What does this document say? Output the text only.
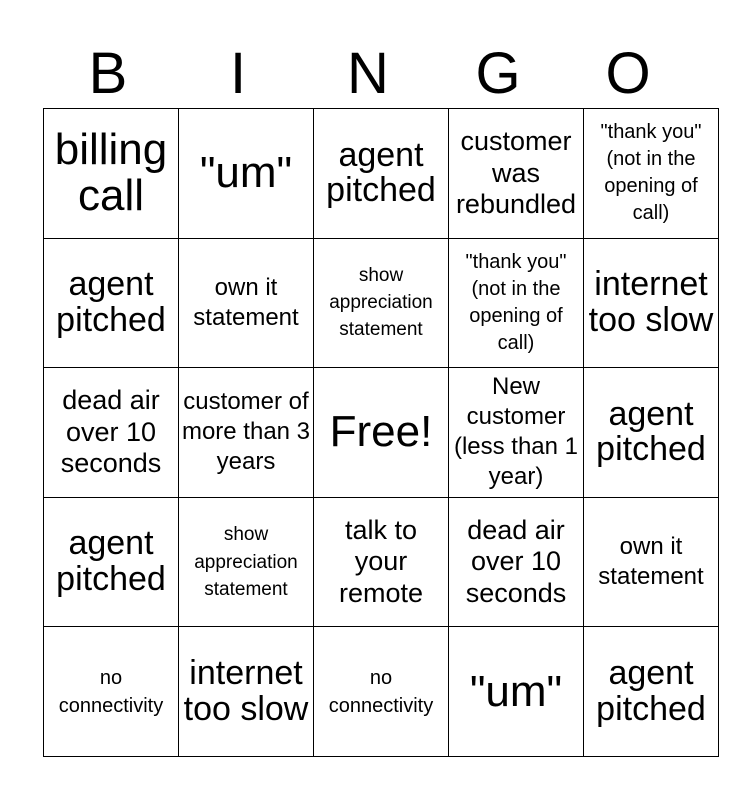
B	I	N	G	O
billing call	"um"	agent pitched	customer was rebundled	"thank you" (not in the opening of call)
agent pitched	own it statement	show appreciation statement	"thank you" (not in the opening of call)	internet too slow
dead air over 10 seconds	customer of more than 3 years	Free!	New customer (less than 1 year)	agent pitched
agent pitched	show appreciation statement	talk to your remote	dead air over 10 seconds	own it statement
no connectivity	internet too slow	no connectivity	"um"	agent pitched
